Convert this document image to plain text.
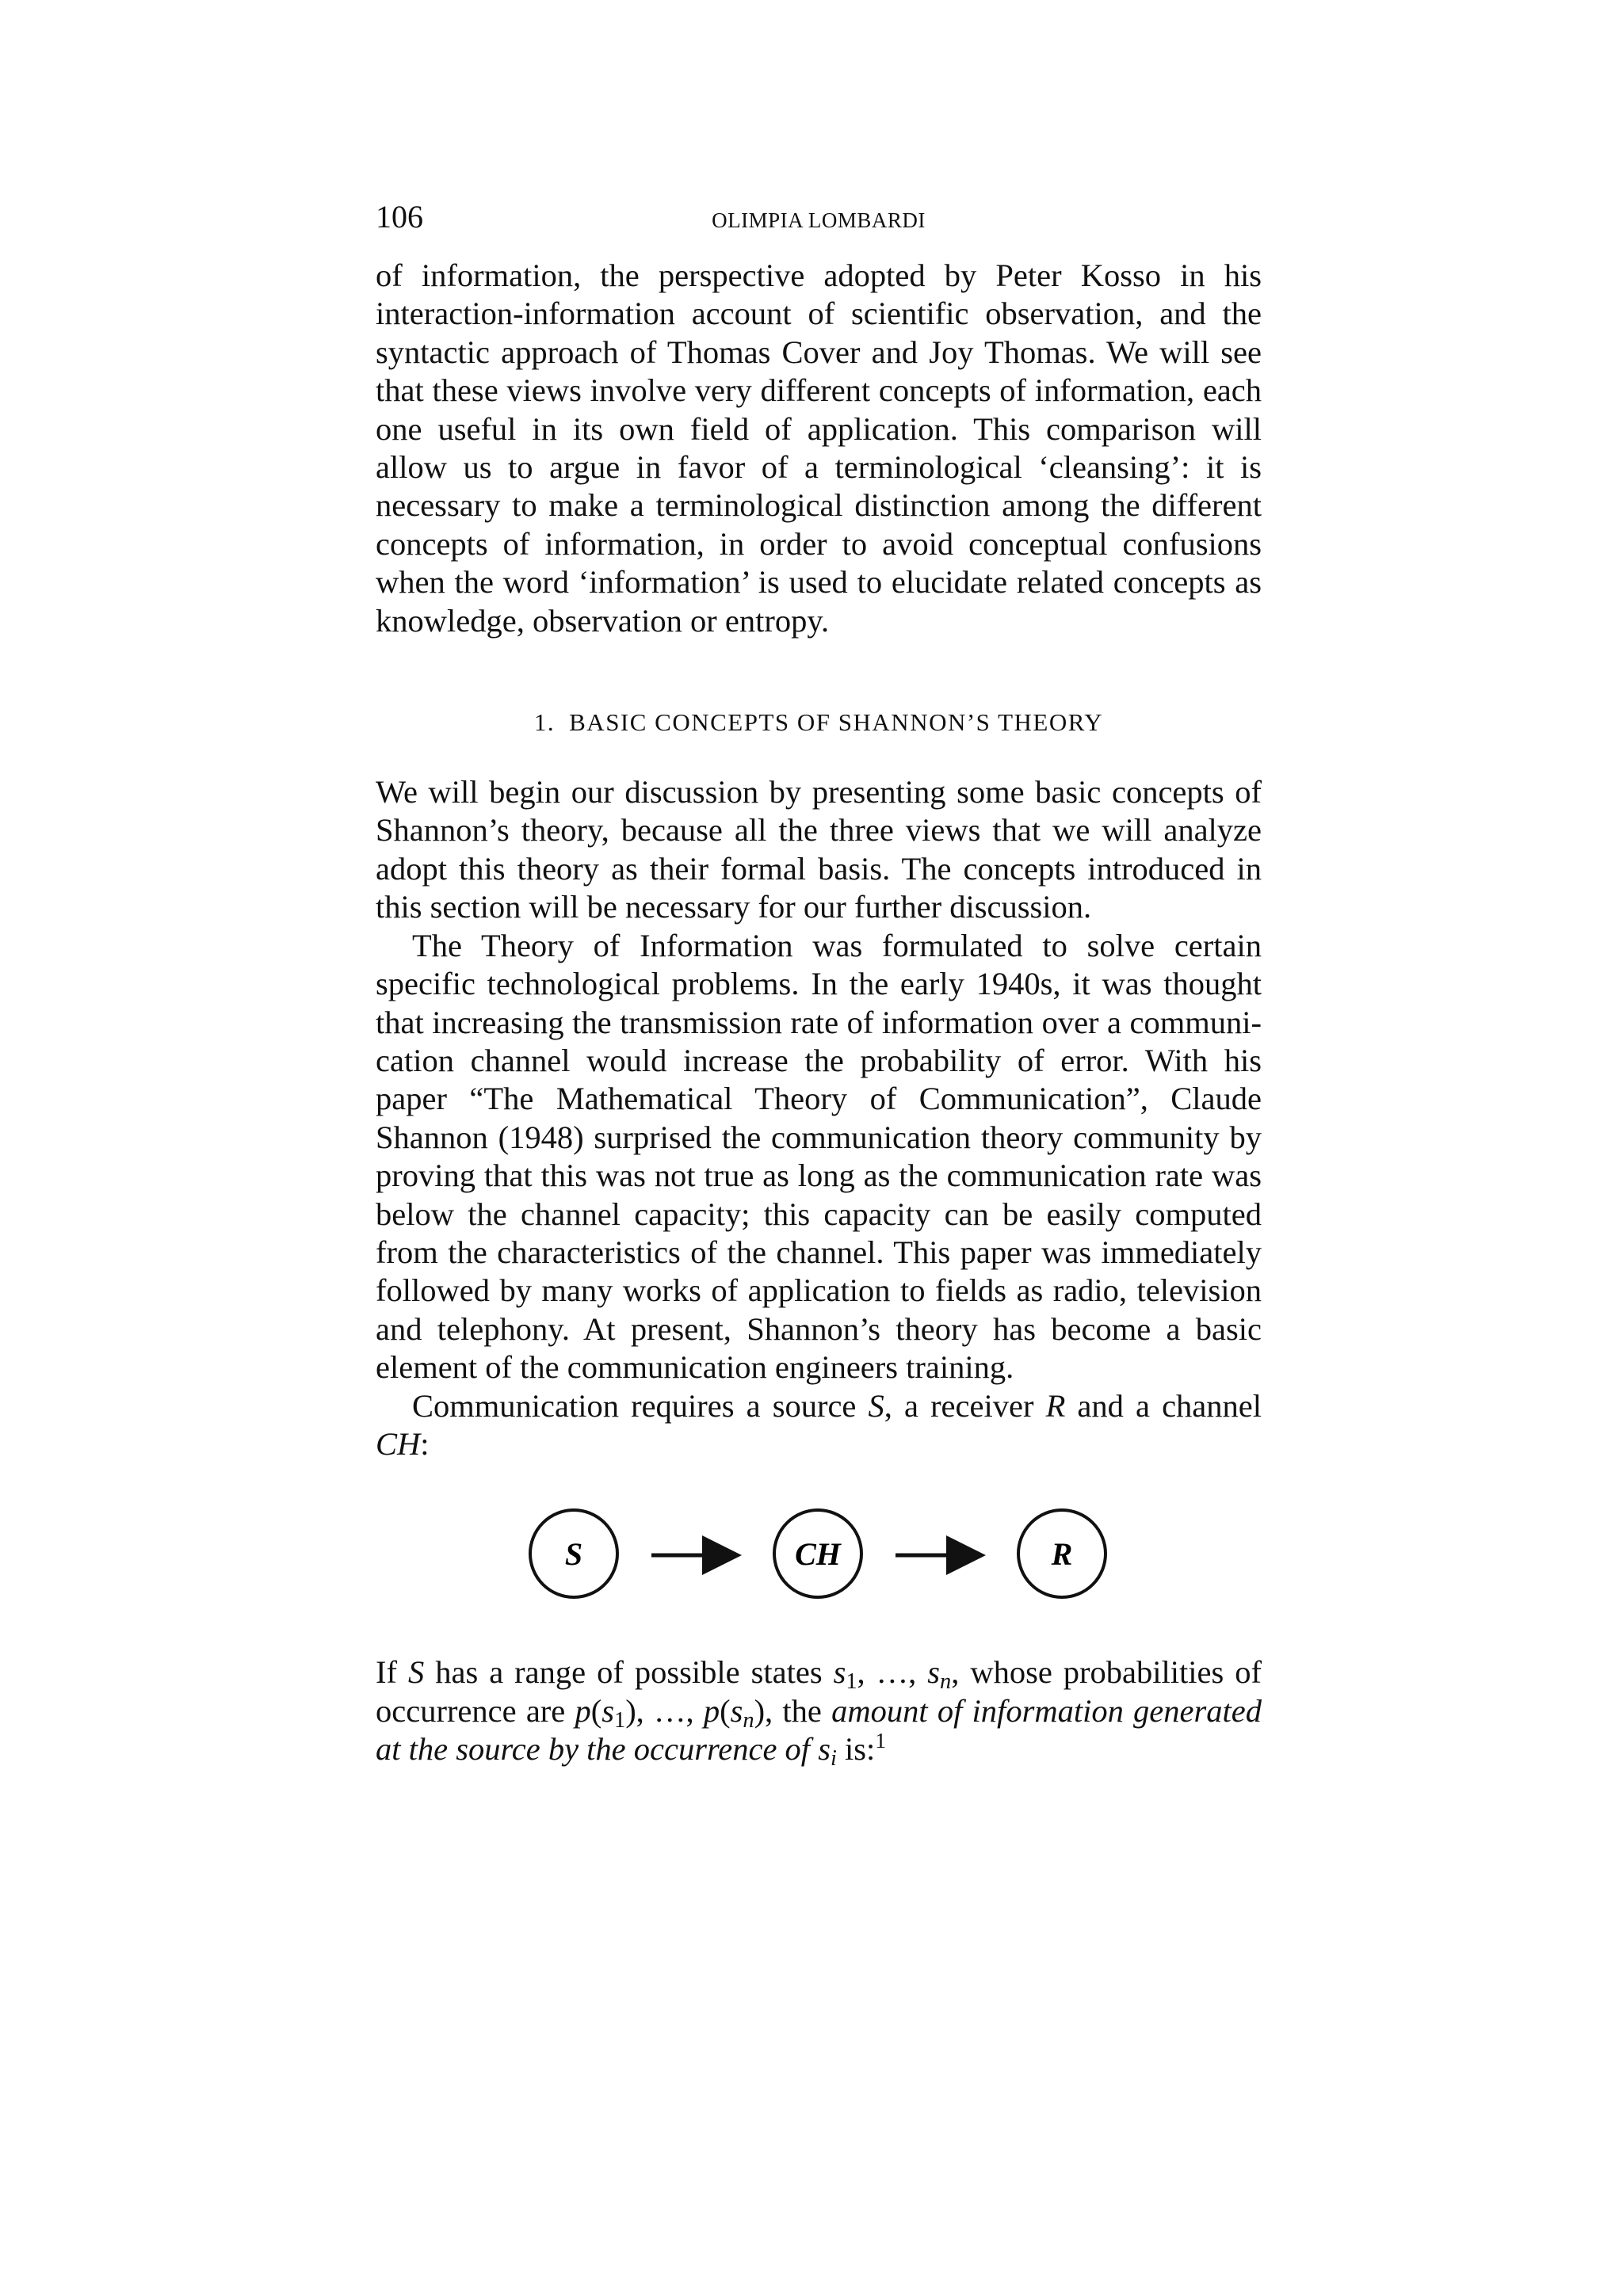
106	OLIMPIA LOMBARDI

of information, the perspective adopted by Peter Kosso in his interaction-information account of scientific observation, and the syntactic approach of Thomas Cover and Joy Thomas. We will see that these views involve very different concepts of information, each one useful in its own field of application. This comparison will allow us to argue in favor of a terminological ‘cleansing’: it is necessary to make a terminological distinction among the different concepts of information, in order to avoid conceptual confusions when the word ‘information’ is used to elucidate related concepts as knowledge, observation or entropy.

1. BASIC CONCEPTS OF SHANNON’S THEORY

We will begin our discussion by presenting some basic concepts of Shannon’s theory, because all the three views that we will analyze adopt this theory as their formal basis. The concepts introduced in this section will be necessary for our further discussion.

The Theory of Information was formulated to solve certain specific technological problems. In the early 1940s, it was thought that increasing the transmission rate of information over a communication channel would increase the probability of error. With his paper “The Mathematical Theory of Communication”, Claude Shannon (1948) surprised the communication theory community by proving that this was not true as long as the communication rate was below the channel capacity; this capacity can be easily computed from the characteristics of the channel. This paper was immediately followed by many works of application to fields as radio, television and telephony. At present, Shannon’s theory has become a basic element of the communication engineers training.

Communication requires a source S, a receiver R and a channel CH:

S	CH	R

If S has a range of possible states $s_1$, …, $s_n$, whose probabilities of occurrence are $p(s_1)$, …, $p(s_n)$, the amount of information generated at the source by the occurrence of $s_i$ is:$^1$
